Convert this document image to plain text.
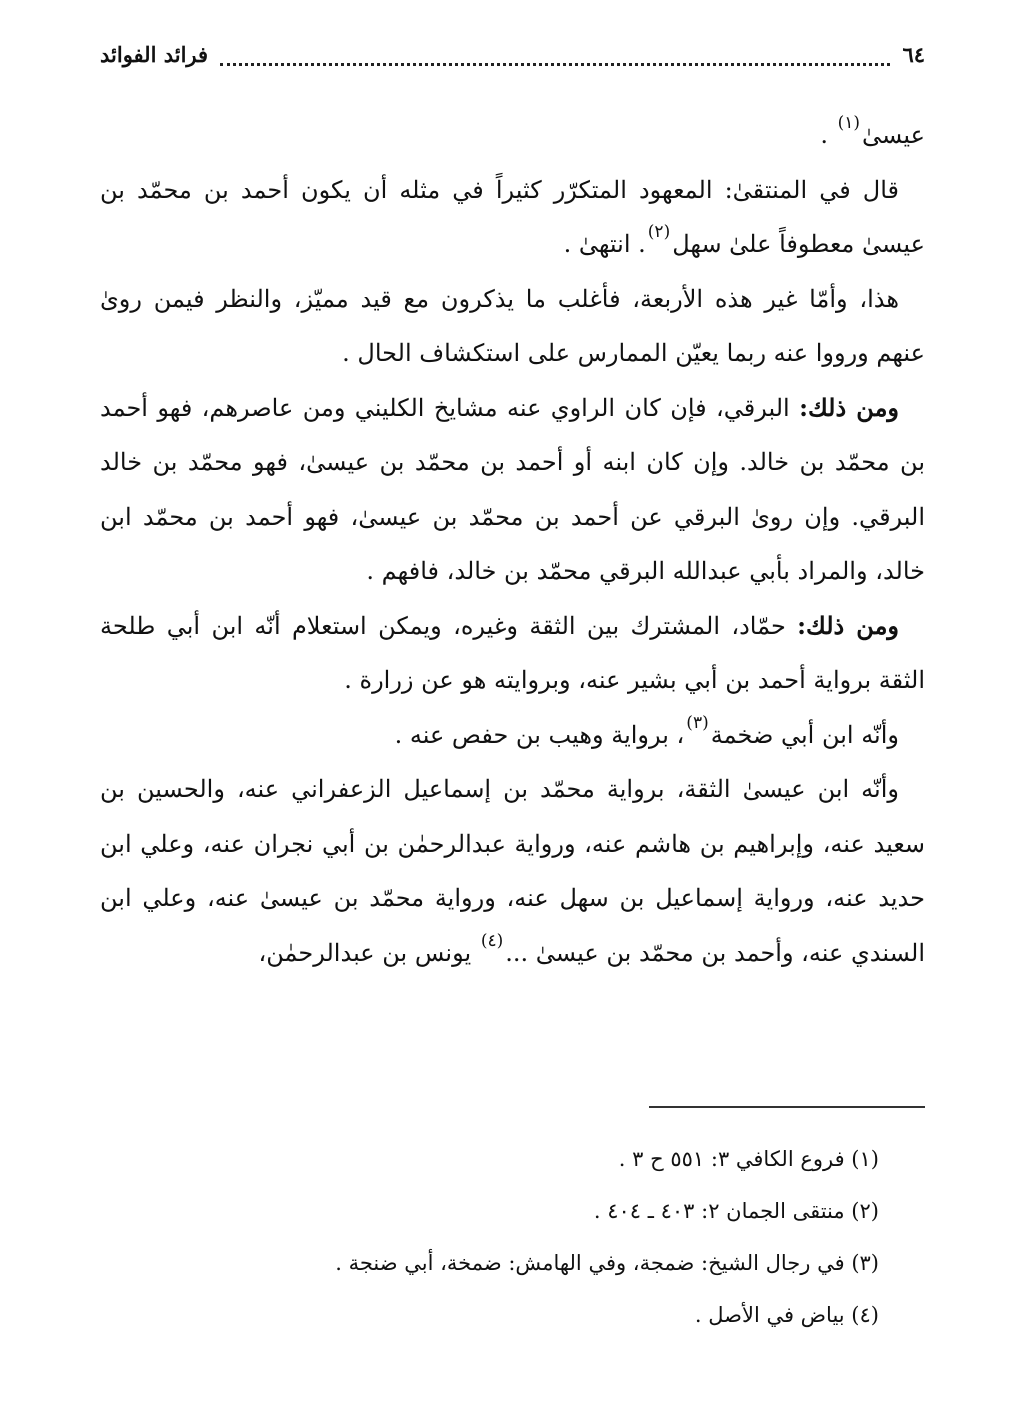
٦٤
فرائد الفوائد

عيسىٰ$^{(١)}$ .

قال في المنتقىٰ: المعهود المتكرّر كثيراً في مثله أن يكون أحمد بن محمّد بن عيسىٰ معطوفاً علىٰ سهل$^{(٢)}$. انتهىٰ .

هذا، وأمّا غير هذه الأربعة، فأغلب ما يذكرون مع قيد مميّز، والنظر فيمن روىٰ عنهم ورووا عنه ربما يعيّن الممارس على استكشاف الحال .

ومن ذلك: البرقي، فإن كان الراوي عنه مشايخ الكليني ومن عاصرهم، فهو أحمد بن محمّد بن خالد. وإن كان ابنه أو أحمد بن محمّد بن عيسىٰ، فهو محمّد بن خالد البرقي. وإن روىٰ البرقي عن أحمد بن محمّد بن عيسىٰ، فهو أحمد بن محمّد ابن خالد، والمراد بأبي عبدالله البرقي محمّد بن خالد، فافهم .

ومن ذلك: حمّاد، المشترك بين الثقة وغيره، ويمكن استعلام أنّه ابن أبي طلحة الثقة برواية أحمد بن أبي بشير عنه، وبروايته هو عن زرارة .

وأنّه ابن أبي ضخمة$^{(٣)}$، برواية وهيب بن حفص عنه .

وأنّه ابن عيسىٰ الثقة، برواية محمّد بن إسماعيل الزعفراني عنه، والحسين بن سعيد عنه، وإبراهيم بن هاشم عنه، ورواية عبدالرحمٰن بن أبي نجران عنه، وعلي ابن حديد عنه، ورواية إسماعيل بن سهل عنه، ورواية محمّد بن عيسىٰ عنه، وعلي ابن السندي عنه، وأحمد بن محمّد بن عيسىٰ ...$^{(٤)}$ يونس بن عبدالرحمٰن،

(١) فروع الكافي ٣: ٥٥١ ح ٣ .
(٢) منتقى الجمان ٢: ٤٠٣ ـ ٤٠٤ .
(٣) في رجال الشيخ: ضمجة، وفي الهامش: ضمخة، أبي ضنجة .
(٤) بياض في الأصل .
